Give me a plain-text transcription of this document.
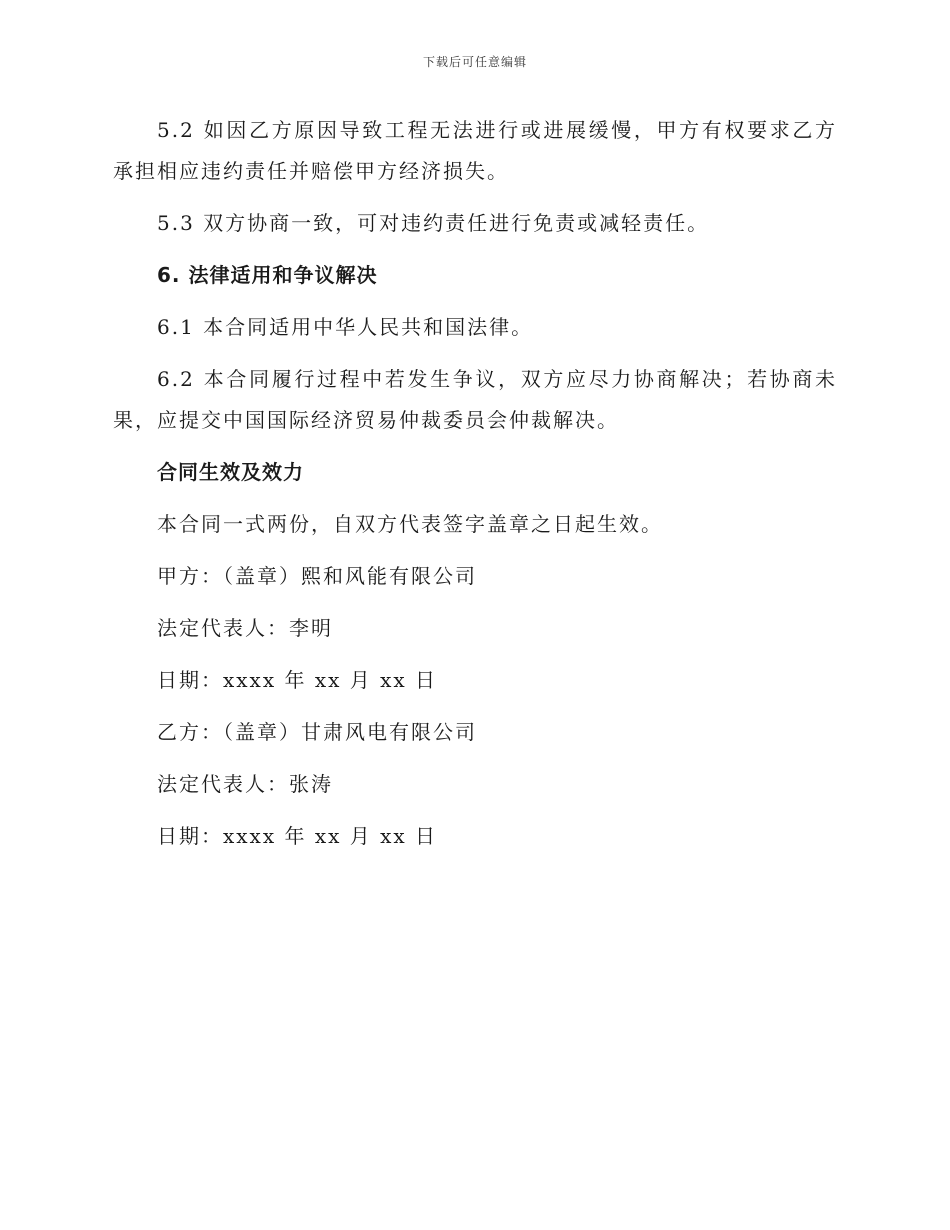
下载后可任意编辑

5.2 如因乙方原因导致工程无法进行或进展缓慢，甲方有权要求乙方承担相应违约责任并赔偿甲方经济损失。

5.3 双方协商一致，可对违约责任进行免责或减轻责任。

6. 法律适用和争议解决

6.1 本合同适用中华人民共和国法律。

6.2 本合同履行过程中若发生争议，双方应尽力协商解决；若协商未果，应提交中国国际经济贸易仲裁委员会仲裁解决。

合同生效及效力

本合同一式两份，自双方代表签字盖章之日起生效。

甲方：（盖章）熙和风能有限公司

法定代表人：李明

日期：xxxx 年 xx 月 xx 日

乙方：（盖章）甘肃风电有限公司

法定代表人：张涛

日期：xxxx 年 xx 月 xx 日
